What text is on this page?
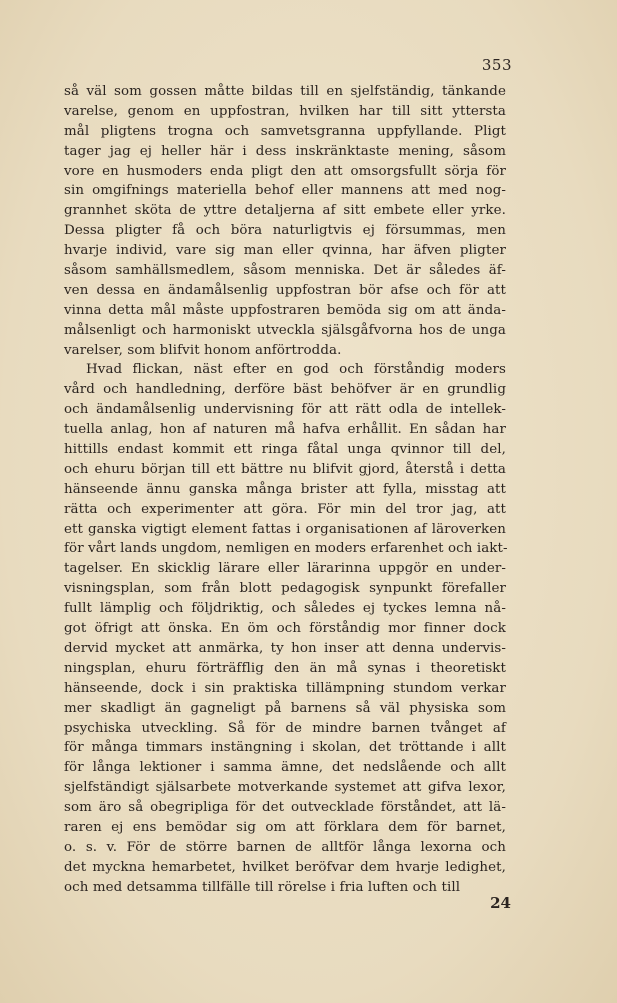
353
så väl som gossen måtte bildas till en sjelfständig, tänkande
varelse, genom en uppfostran, hvilken har till sitt yttersta
mål pligtens trogna och samvetsgranna uppfyllande. Pligt
tager jag ej heller här i dess inskränktaste mening, såsom
vore en husmoders enda pligt den att omsorgsfullt sörja för
sin omgifnings materiella behof eller mannens att med nog-
grannhet sköta de yttre detaljerna af sitt embete eller yrke.
Dessa pligter få och böra naturligtvis ej försummas, men
hvarje individ, vare sig man eller qvinna, har äfven pligter
såsom samhällsmedlem, såsom menniska. Det är således äf-
ven dessa en ändamålsenlig uppfostran bör afse och för att
vinna detta mål måste uppfostraren bemöda sig om att ända-
målsenligt och harmoniskt utveckla själsgåfvorna hos de unga
varelser, som blifvit honom anförtrodda.
Hvad flickan, näst efter en god och förståndig moders
vård och handledning, derföre bäst behöfver är en grundlig
och ändamålsenlig undervisning för att rätt odla de intellek-
tuella anlag, hon af naturen må hafva erhållit. En sådan har
hittills endast kommit ett ringa fåtal unga qvinnor till del,
och ehuru början till ett bättre nu blifvit gjord, återstå i detta
hänseende ännu ganska många brister att fylla, misstag att
rätta och experimenter att göra. För min del tror jag, att
ett ganska vigtigt element fattas i organisationen af läroverken
för vårt lands ungdom, nemligen en moders erfarenhet och iakt-
tagelser. En skicklig lärare eller lärarinna uppgör en under-
visningsplan, som från blott pedagogisk synpunkt förefaller
fullt lämplig och följdriktig, och således ej tyckes lemna nå-
got öfrigt att önska. En öm och förståndig mor finner dock
dervid mycket att anmärka, ty hon inser att denna undervis-
ningsplan, ehuru förträfflig den än må synas i theoretiskt
hänseende, dock i sin praktiska tillämpning stundom verkar
mer skadligt än gagneligt på barnens så väl physiska som
psychiska utveckling. Så för de mindre barnen tvånget af
för många timmars instängning i skolan, det tröttande i allt
för långa lektioner i samma ämne, det nedslående och allt
sjelfständigt själsarbete motverkande systemet att gifva lexor,
som äro så obegripliga för det outvecklade förståndet, att lä-
raren ej ens bemödar sig om att förklara dem för barnet,
o. s. v. För de större barnen de alltför långa lexorna och
det myckna hemarbetet, hvilket beröfvar dem hvarje ledighet,
och med detsamma tillfälle till rörelse i fria luften och till
24
